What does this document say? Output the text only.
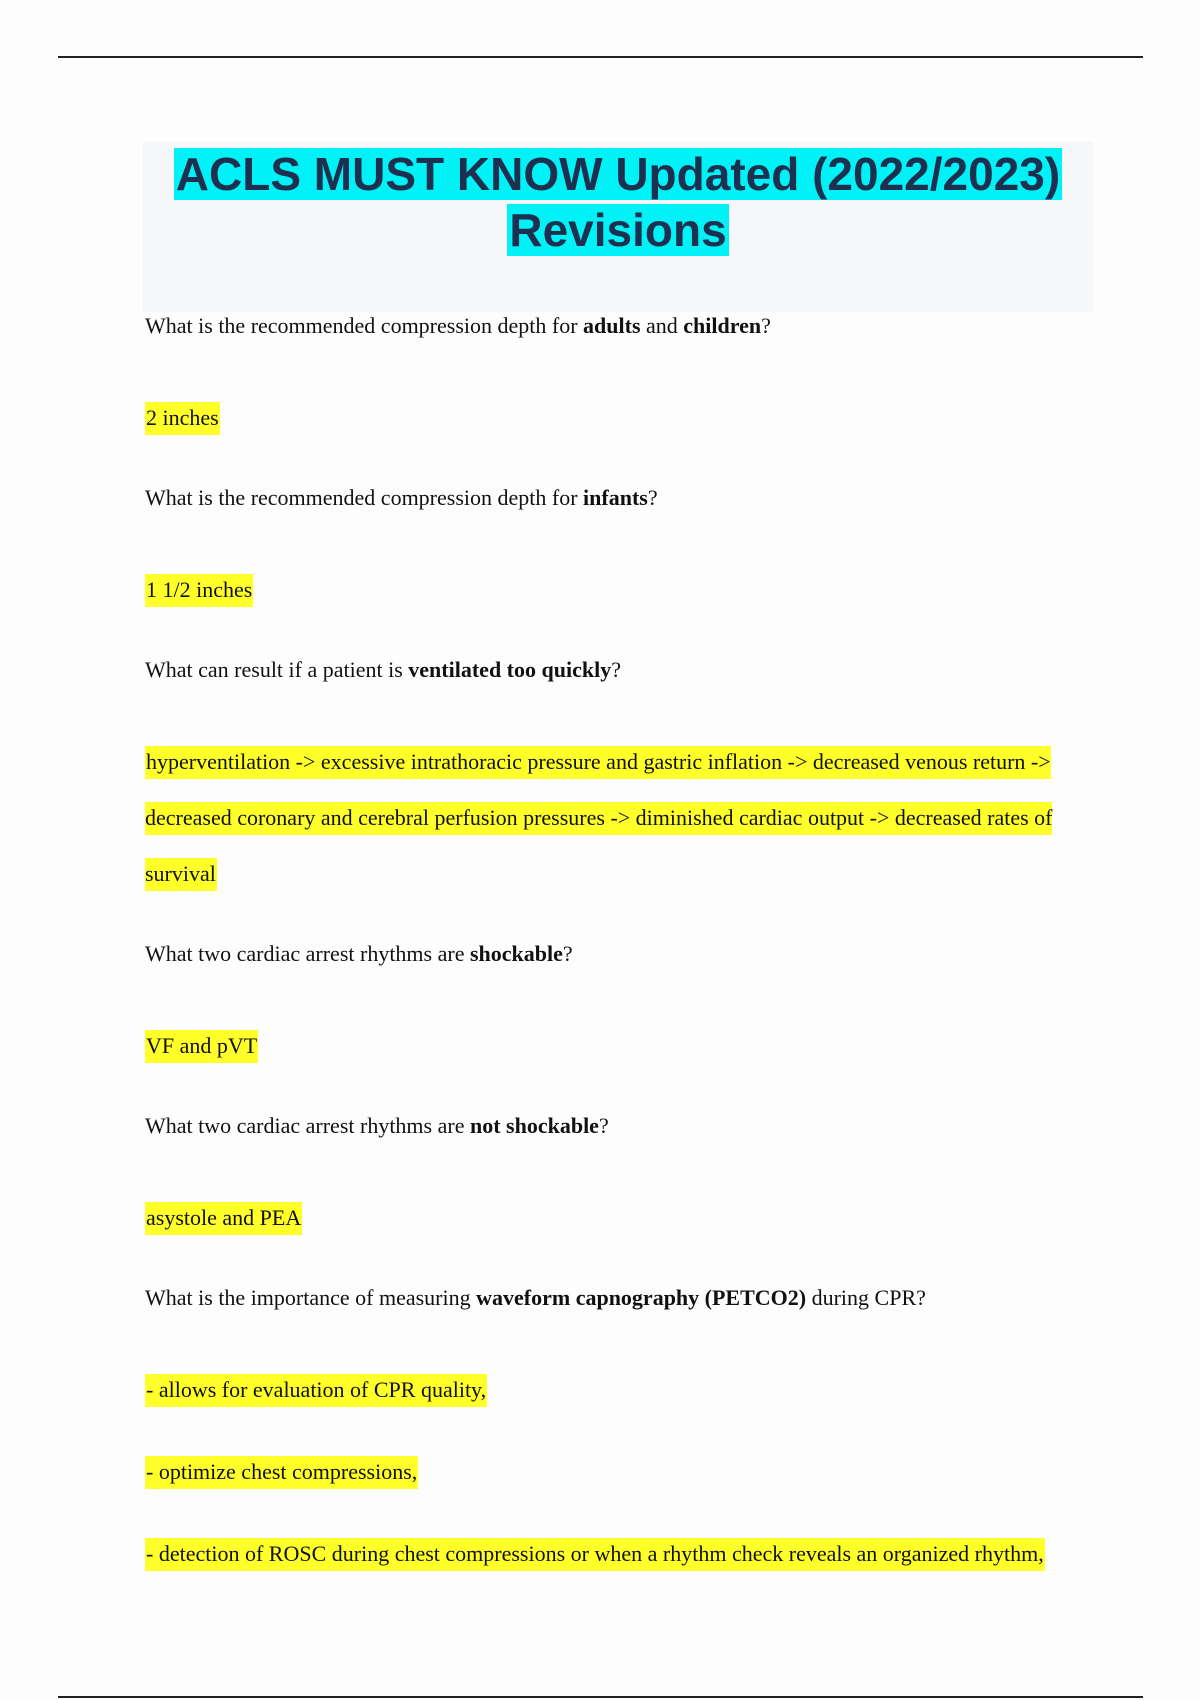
ACLS MUST KNOW Updated (2022/2023)
Revisions

What is the recommended compression depth for adults and children?

2 inches

What is the recommended compression depth for infants?

1 1/2 inches

What can result if a patient is ventilated too quickly?

hyperventilation -> excessive intrathoracic pressure and gastric inflation -> decreased venous return -> decreased coronary and cerebral perfusion pressures -> diminished cardiac output -> decreased rates of survival

What two cardiac arrest rhythms are shockable?

VF and pVT

What two cardiac arrest rhythms are not shockable?

asystole and PEA

What is the importance of measuring waveform capnography (PETCO2) during CPR?

- allows for evaluation of CPR quality,

- optimize chest compressions,

- detection of ROSC during chest compressions or when a rhythm check reveals an organized rhythm,
